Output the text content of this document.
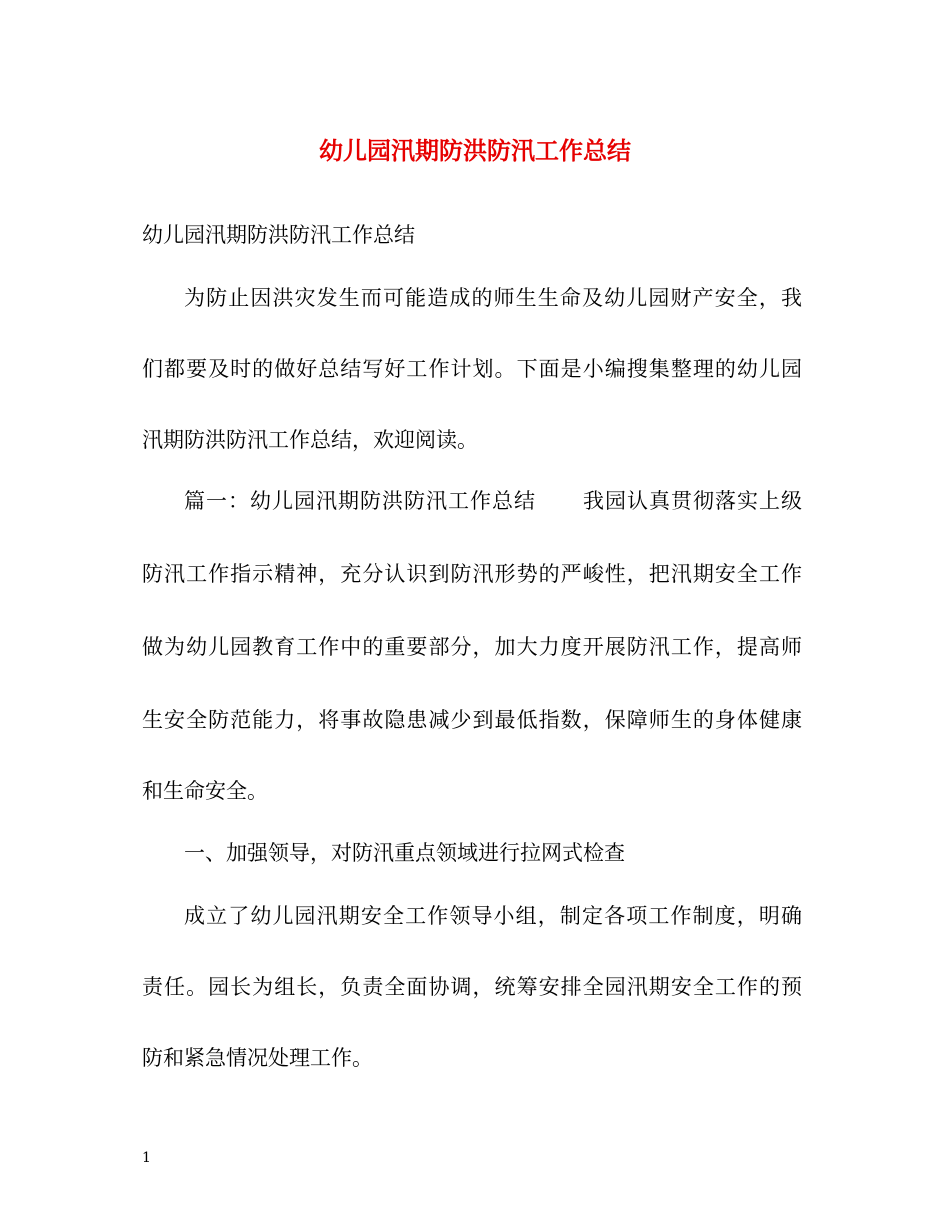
幼儿园汛期防洪防汛工作总结

幼儿园汛期防洪防汛工作总结

为防止因洪灾发生而可能造成的师生生命及幼儿园财产安全，我

们都要及时的做好总结写好工作计划。下面是小编搜集整理的幼儿园

汛期防洪防汛工作总结，欢迎阅读。

篇一：幼儿园汛期防洪防汛工作总结 我园认真贯彻落实上级

防汛工作指示精神，充分认识到防汛形势的严峻性，把汛期安全工作

做为幼儿园教育工作中的重要部分，加大力度开展防汛工作，提高师

生安全防范能力，将事故隐患减少到最低指数，保障师生的身体健康

和生命安全。

一、加强领导，对防汛重点领域进行拉网式检查

成立了幼儿园汛期安全工作领导小组，制定各项工作制度，明确

责任。园长为组长，负责全面协调，统筹安排全园汛期安全工作的预

防和紧急情况处理工作。

1
